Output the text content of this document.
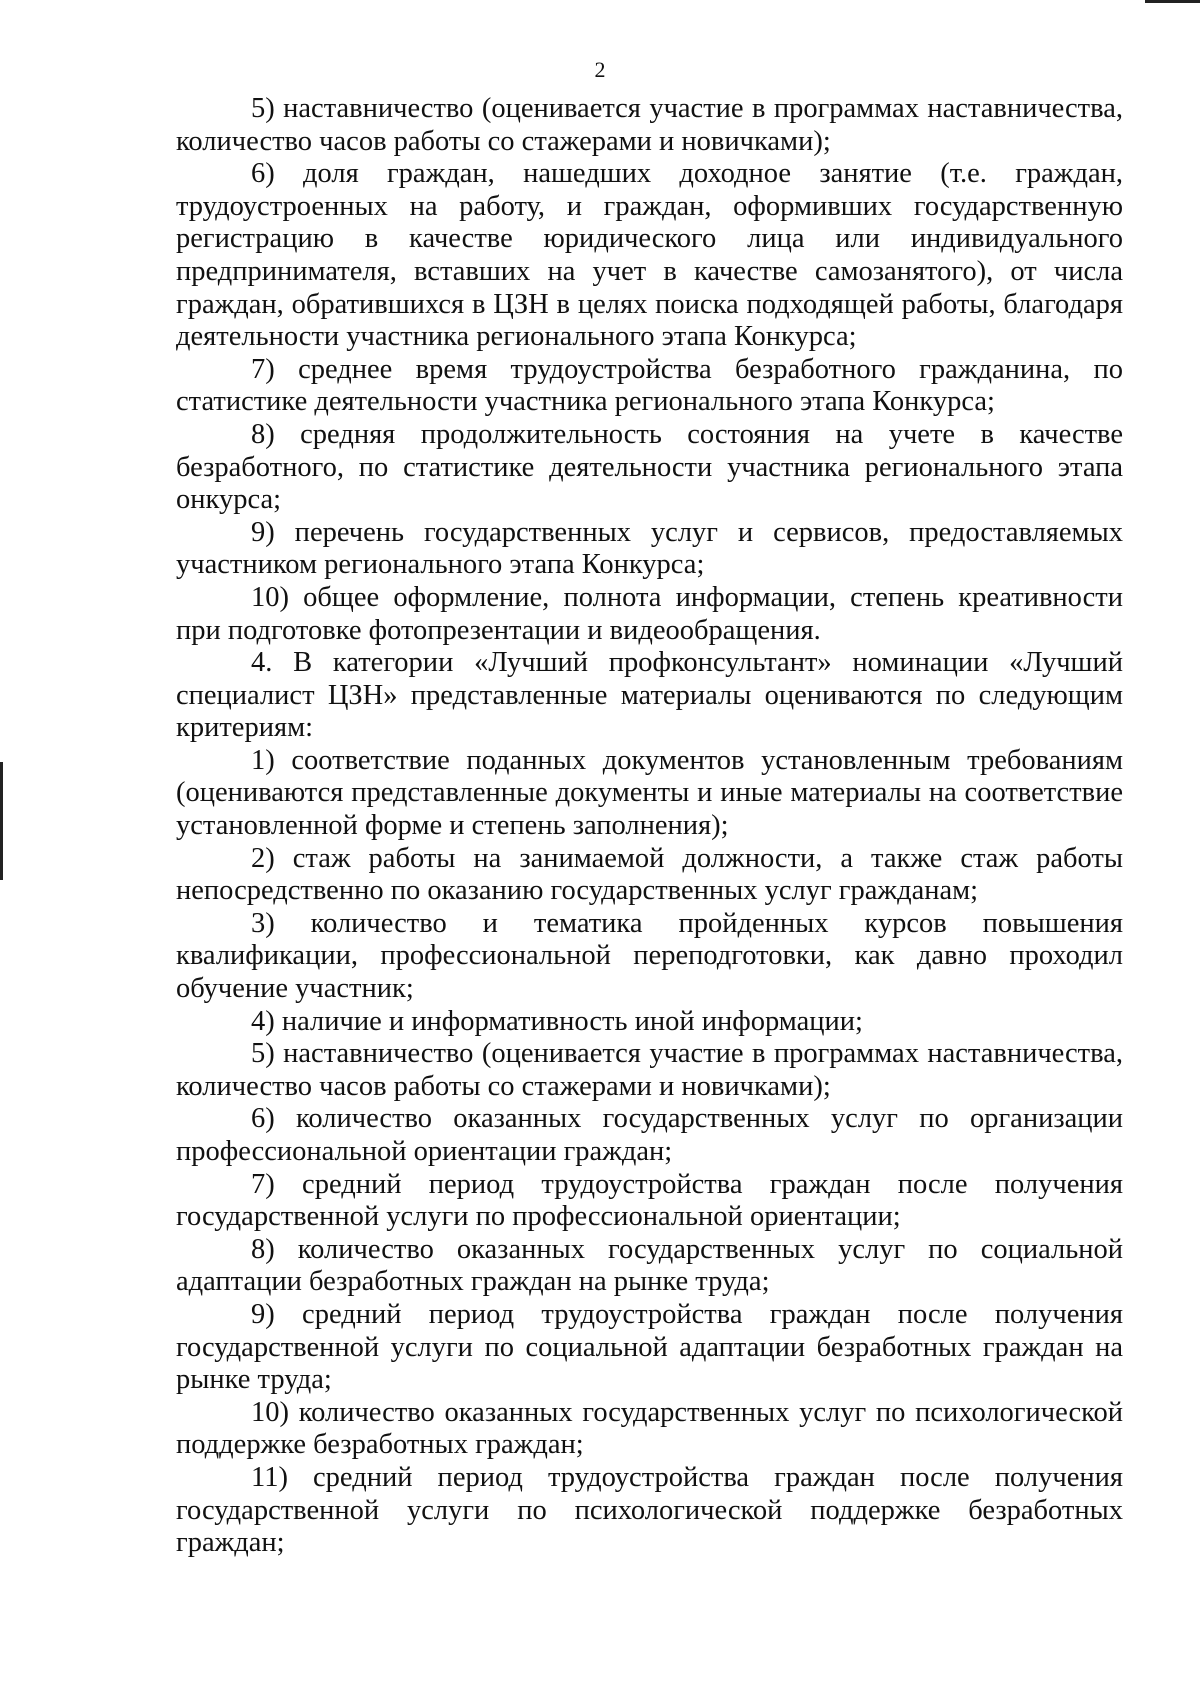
2

5) наставничество (оценивается участие в программах наставничества, количество часов работы со стажерами и новичками);

6) доля граждан, нашедших доходное занятие (т.е. граждан, трудоустроенных на работу, и граждан, оформивших государственную регистрацию в качестве юридического лица или индивидуального предпринимателя, вставших на учет в качестве самозанятого), от числа граждан, обратившихся в ЦЗН в целях поиска подходящей работы, благодаря деятельности участника регионального этапа Конкурса;

7) среднее время трудоустройства безработного гражданина, по статистике деятельности участника регионального этапа Конкурса;

8) средняя продолжительность состояния на учете в качестве безработного, по статистике деятельности участника регионального этапа онкурса;

9) перечень государственных услуг и сервисов, предоставляемых участником регионального этапа Конкурса;

10) общее оформление, полнота информации, степень креативности при подготовке фотопрезентации и видеообращения.

4. В категории «Лучший профконсультант» номинации «Лучший специалист ЦЗН» представленные материалы оцениваются по следующим критериям:

1) соответствие поданных документов установленным требованиям (оцениваются представленные документы и иные материалы на соответствие установленной форме и степень заполнения);

2) стаж работы на занимаемой должности, а также стаж работы непосредственно по оказанию государственных услуг гражданам;

3) количество и тематика пройденных курсов повышения квалификации, профессиональной переподготовки, как давно проходил обучение участник;

4) наличие и информативность иной информации;

5) наставничество (оценивается участие в программах наставничества, количество часов работы со стажерами и новичками);

6) количество оказанных государственных услуг по организации профессиональной ориентации граждан;

7) средний период трудоустройства граждан после получения государственной услуги по профессиональной ориентации;

8) количество оказанных государственных услуг по социальной адаптации безработных граждан на рынке труда;

9) средний период трудоустройства граждан после получения государственной услуги по социальной адаптации безработных граждан на рынке труда;

10) количество оказанных государственных услуг по психологической поддержке безработных граждан;

11) средний период трудоустройства граждан после получения государственной услуги по психологической поддержке безработных граждан;
